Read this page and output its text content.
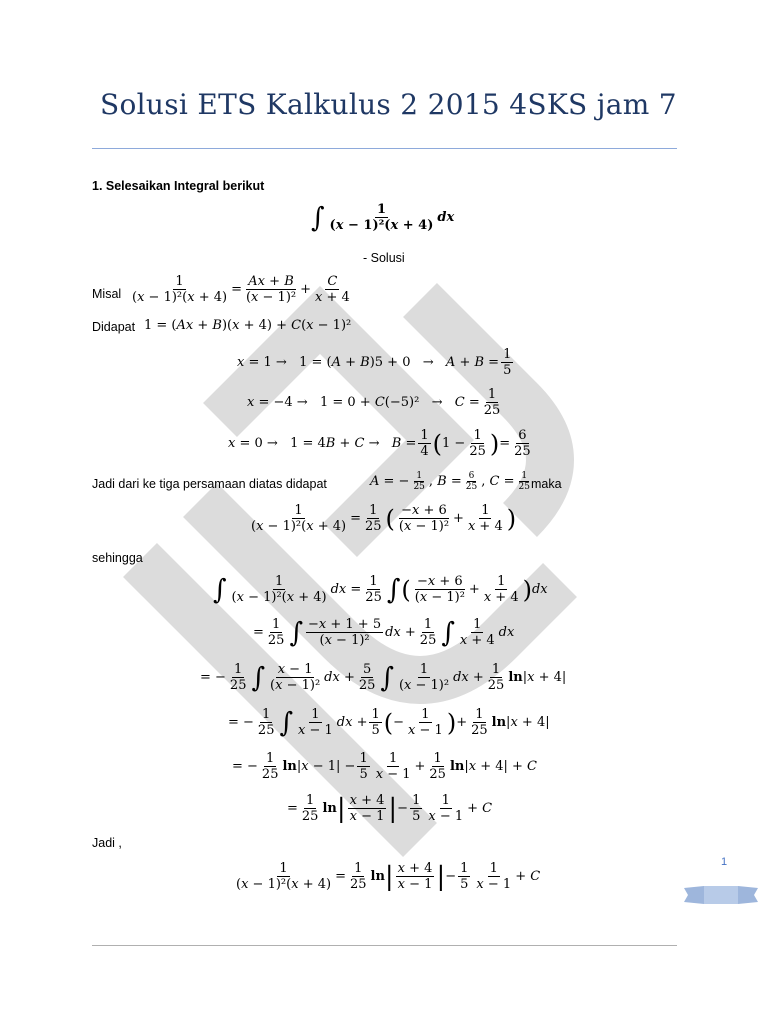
Solusi ETS Kalkulus 2 2015 4SKS jam 7
1. Selesaikan Integral berikut
∫	1
(x − 1)²(x + 4)
dx
- Solusi
Misal $\frac{1}{\text{(x − 1)²(x + 4)}} = \frac{Ax + B}{\text{(x − 1)²}} + \frac{C}{x + 4}$
Didapat 1 = (Ax + B)(x + 4) + C(x − 1)²
$x = 1 \to 1 = (A + B)5 + 0 \to A + B = \frac{1}{5}$
$x = -4 \to 1 = 0 + C(-5)^2 \to C = \frac{1}{25}$
$x = 0 \to 1 = 4B + C \to B = \frac{1}{4}$ ( $1 - \frac{1}{25}$ ) = $\frac{6}{25}$
Jadi dari ke tiga persamaan diatas didapat	A = − $\frac{1}{25}$ , $B = \frac{6}{25}$ , $C = \frac{1}{25}$ maka
$\frac{1}{\text{(x − 1)²(x + 4)}} = \frac{1}{25}$ ( −x + 6
(x − 1)²
+ $\frac{1}{x + 4}$ )
sehingga
∫	1
(x − 1)²(x + 4)
dx = $\frac{1}{25}$ ∫ ( −x + 6
(x − 1)²
+ $\frac{1}{x + 4}$ ) dx
= $\frac{1}{25}$ ∫ −x + 1 + 5
(x − 1)²
dx + $\frac{1}{25}$ ∫ 1
x + 4
dx
= − $\frac{1}{25}$ ∫ x − 1
(x − 1)²
dx + $\frac{5}{25}$ ∫ 1
(x − 1)²
dx + $\frac{1}{25} \ln|x + 4|$
= − $\frac{1}{25}$ ∫ 1
x − 1
dx + $\frac{1}{5}$ ( − $\frac{1}{x - 1}$ ) + $\frac{1}{25} \ln|x + 4|$
= − $\frac{1}{25} \ln|x - 1| - \frac{1}{5} 1$
x − 1
+ $\frac{1}{25} \ln|x + 4| + C$
= $\frac{1}{25}$ ln | x + 4
x − 1 | − $\frac{1}{5} 1$
x − 1
+ C
Jadi ,
$\frac{1}{\text{(x − 1)²(x + 4)}} = \frac{1}{25}$ ln | x + 4
x − 1 | − $\frac{1}{5} 1$
x − 1
+ C
1
